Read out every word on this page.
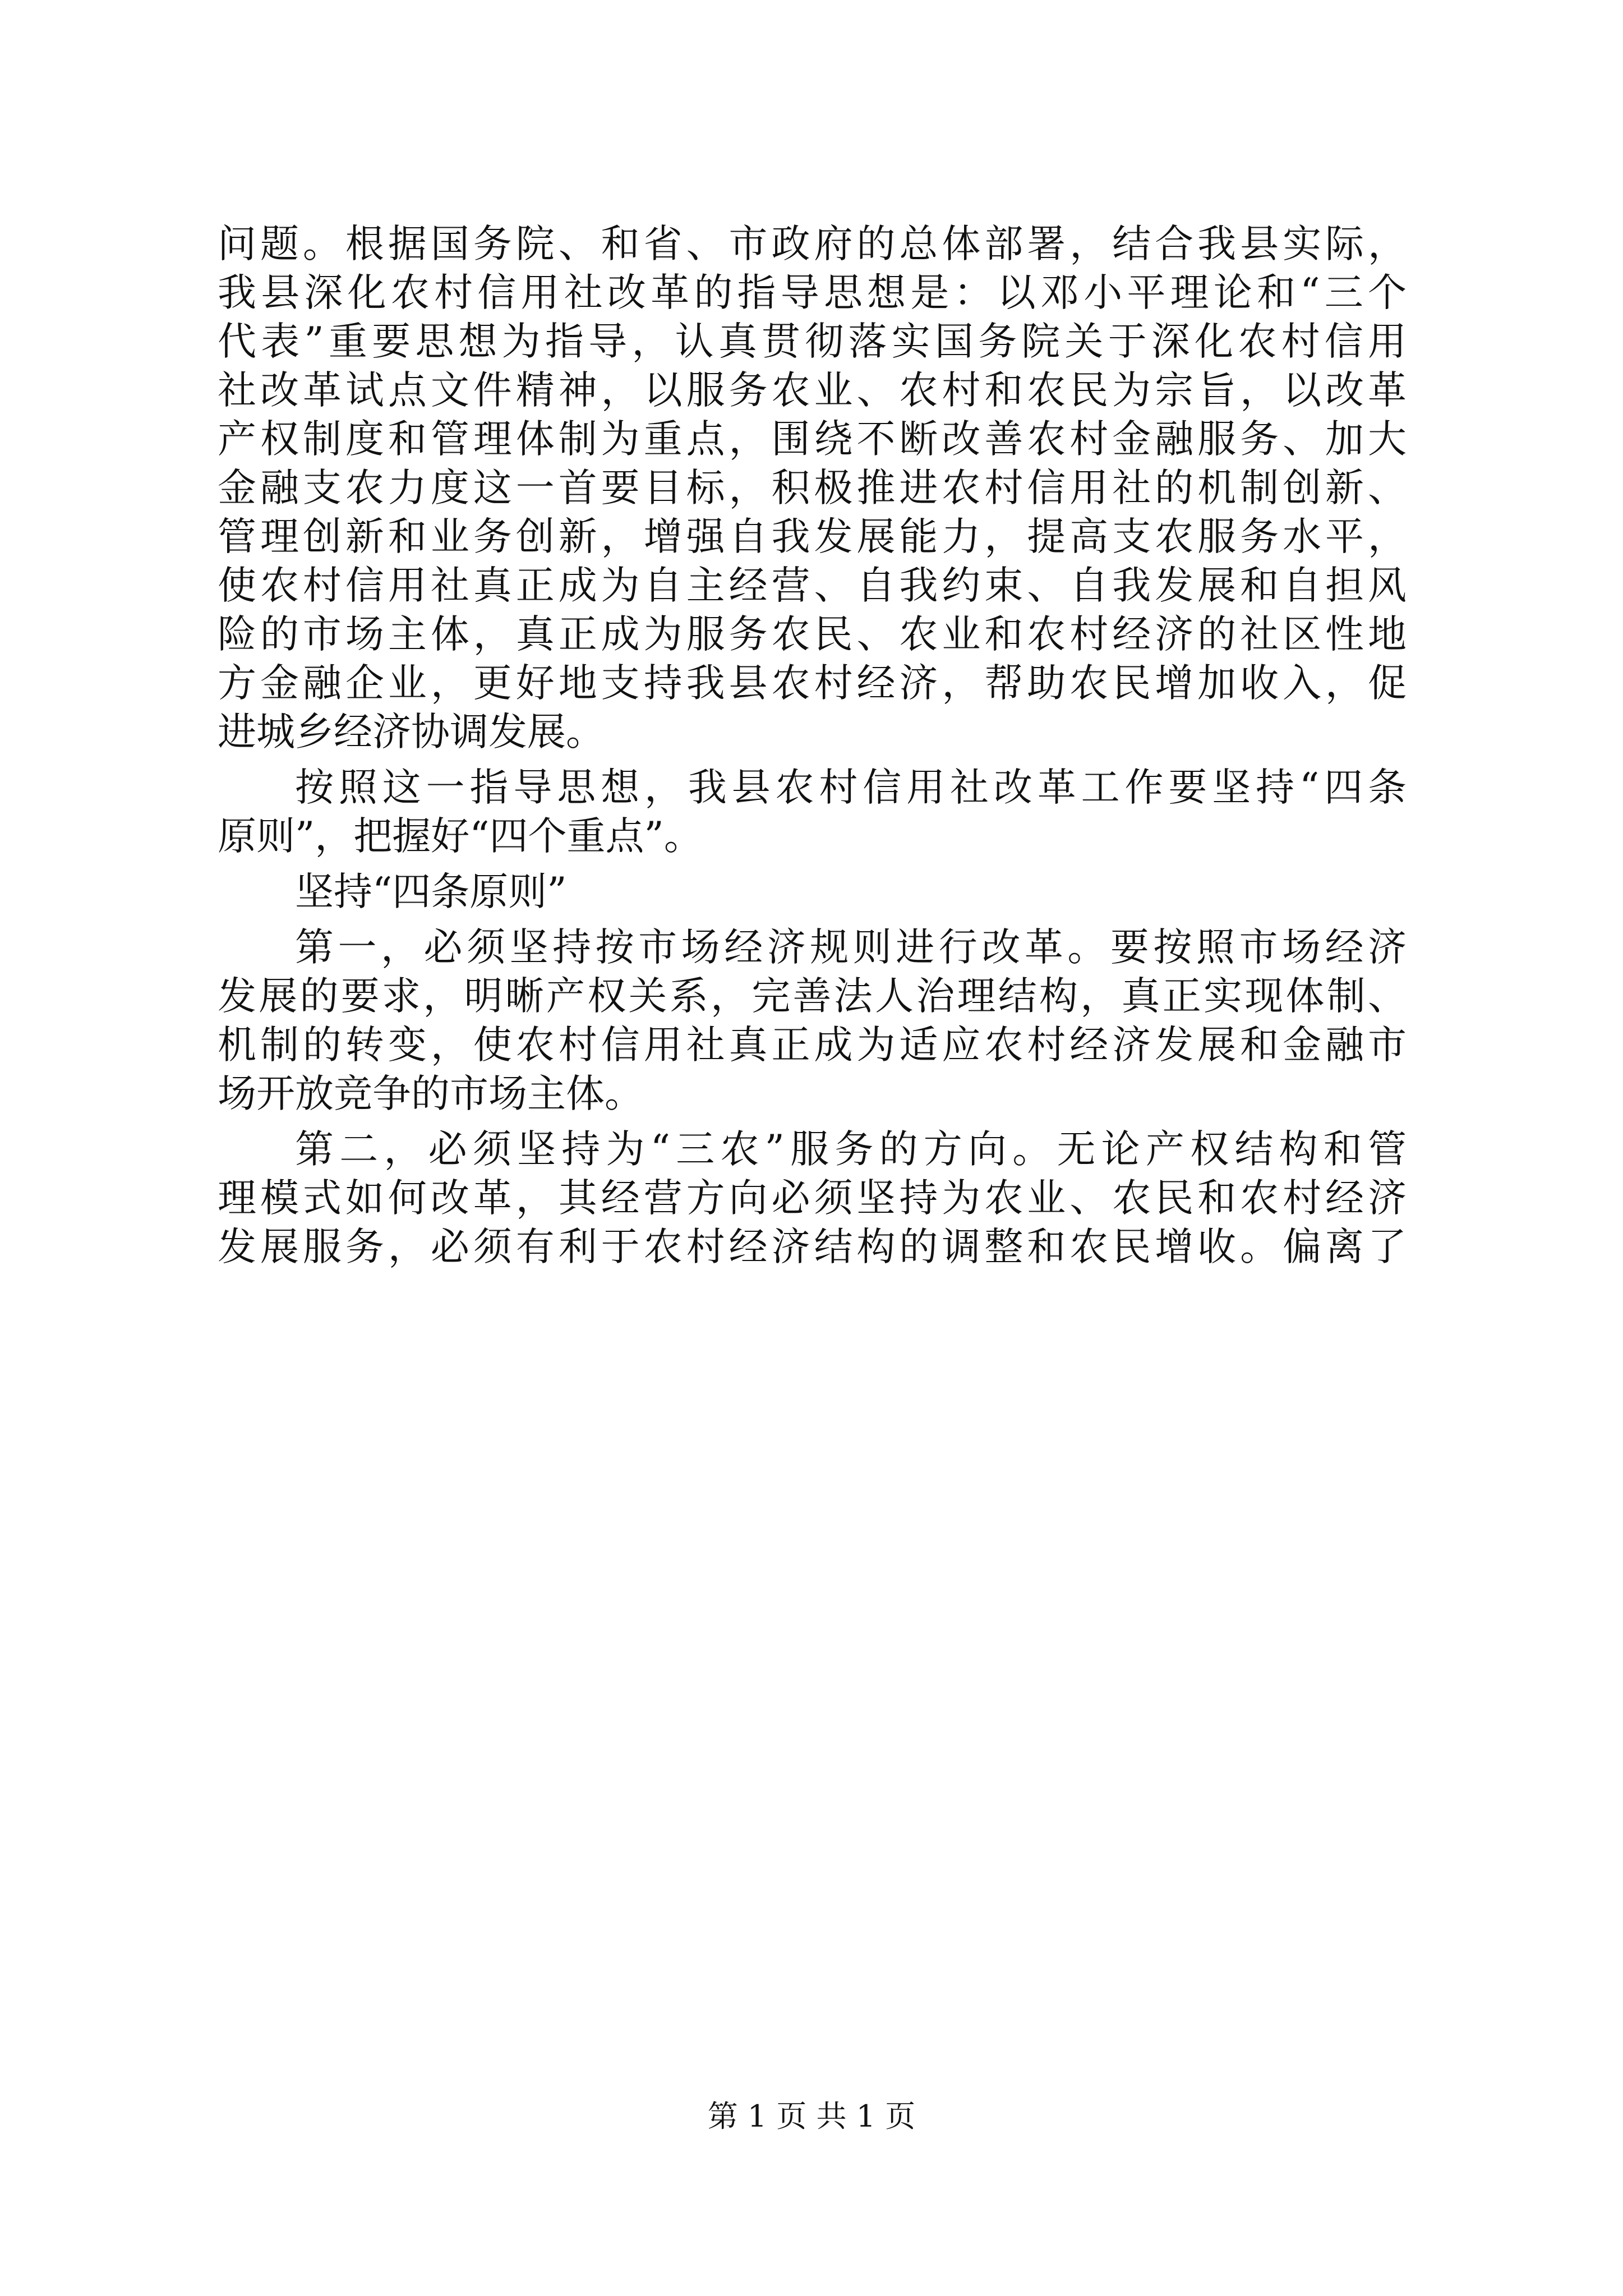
问题。根据国务院、和省、市政府的总体部署，结合我县实际，
我县深化农村信用社改革的指导思想是：以邓小平理论和“三个
代表”重要思想为指导，认真贯彻落实国务院关于深化农村信用
社改革试点文件精神，以服务农业、农村和农民为宗旨，以改革
产权制度和管理体制为重点，围绕不断改善农村金融服务、加大
金融支农力度这一首要目标，积极推进农村信用社的机制创新、
管理创新和业务创新，增强自我发展能力，提高支农服务水平，
使农村信用社真正成为自主经营、自我约束、自我发展和自担风
险的市场主体，真正成为服务农民、农业和农村经济的社区性地
方金融企业，更好地支持我县农村经济，帮助农民增加收入，促
进城乡经济协调发展。
按照这一指导思想，我县农村信用社改革工作要坚持“四条
原则”，把握好“四个重点”。
坚持“四条原则”
第一，必须坚持按市场经济规则进行改革。要按照市场经济
发展的要求，明晰产权关系，完善法人治理结构，真正实现体制、
机制的转变，使农村信用社真正成为适应农村经济发展和金融市
场开放竞争的市场主体。
第二，必须坚持为“三农”服务的方向。无论产权结构和管
理模式如何改革，其经营方向必须坚持为农业、农民和农村经济
发展服务，必须有利于农村经济结构的调整和农民增收。偏离了
第 1 页 共 1 页
